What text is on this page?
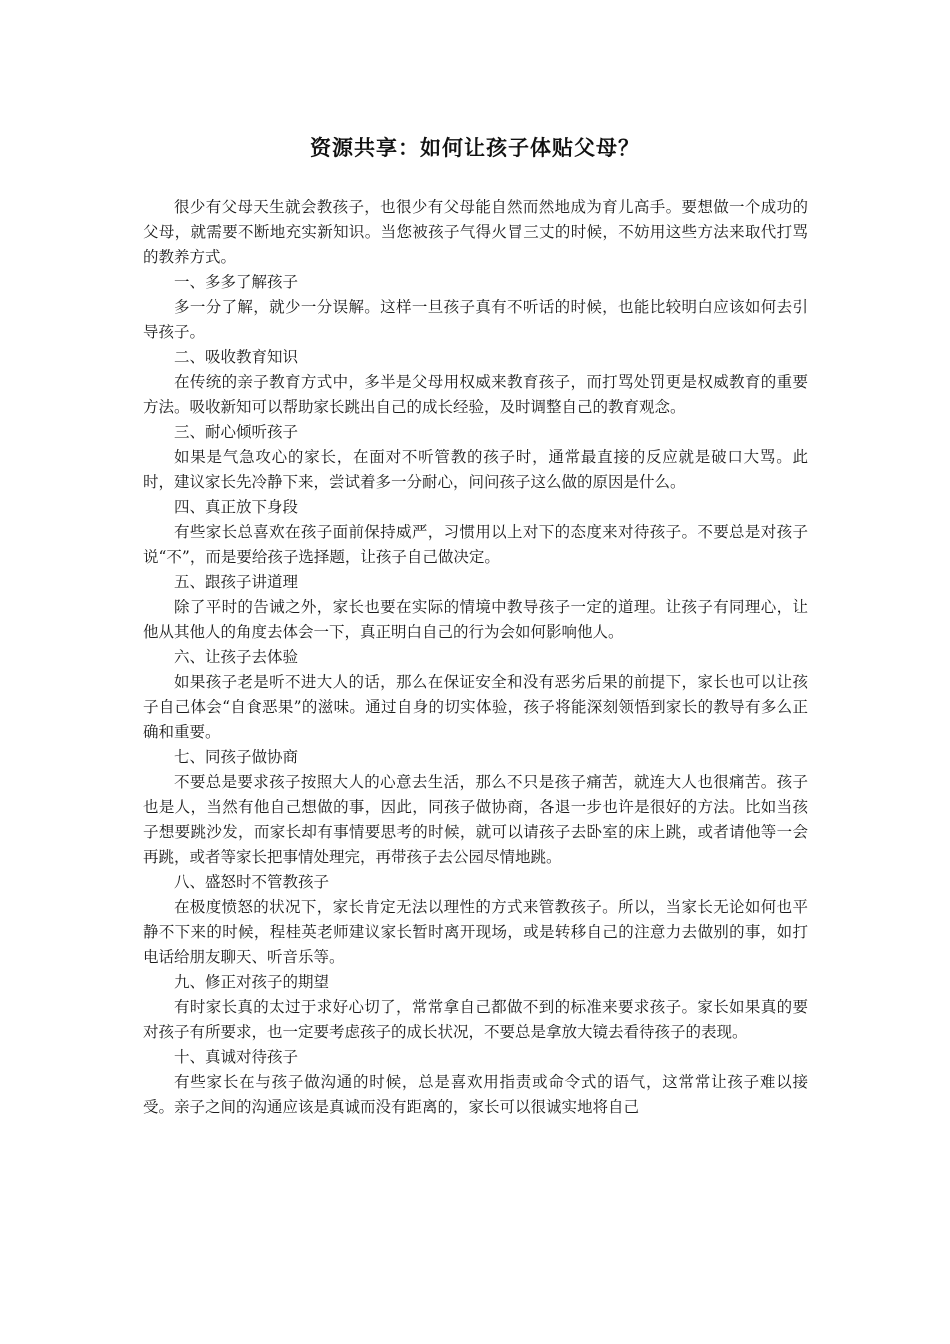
资源共享：如何让孩子体贴父母？

很少有父母天生就会教孩子，也很少有父母能自然而然地成为育儿高手。要想做一个成功的父母，就需要不断地充实新知识。当您被孩子气得火冒三丈的时候，不妨用这些方法来取代打骂的教养方式。

一、多多了解孩子

多一分了解，就少一分误解。这样一旦孩子真有不听话的时候，也能比较明白应该如何去引导孩子。

二、吸收教育知识

在传统的亲子教育方式中，多半是父母用权威来教育孩子，而打骂处罚更是权威教育的重要方法。吸收新知可以帮助家长跳出自己的成长经验，及时调整自己的教育观念。

三、耐心倾听孩子

如果是气急攻心的家长，在面对不听管教的孩子时，通常最直接的反应就是破口大骂。此时，建议家长先冷静下来，尝试着多一分耐心，问问孩子这么做的原因是什么。

四、真正放下身段

有些家长总喜欢在孩子面前保持威严，习惯用以上对下的态度来对待孩子。不要总是对孩子说“不”，而是要给孩子选择题，让孩子自己做决定。

五、跟孩子讲道理

除了平时的告诫之外，家长也要在实际的情境中教导孩子一定的道理。让孩子有同理心，让他从其他人的角度去体会一下，真正明白自己的行为会如何影响他人。

六、让孩子去体验

如果孩子老是听不进大人的话，那么在保证安全和没有恶劣后果的前提下，家长也可以让孩子自己体会“自食恶果”的滋味。通过自身的切实体验，孩子将能深刻领悟到家长的教导有多么正确和重要。

七、同孩子做协商

不要总是要求孩子按照大人的心意去生活，那么不只是孩子痛苦，就连大人也很痛苦。孩子也是人，当然有他自己想做的事，因此，同孩子做协商，各退一步也许是很好的方法。比如当孩子想要跳沙发，而家长却有事情要思考的时候，就可以请孩子去卧室的床上跳，或者请他等一会再跳，或者等家长把事情处理完，再带孩子去公园尽情地跳。

八、盛怒时不管教孩子

在极度愤怒的状况下，家长肯定无法以理性的方式来管教孩子。所以，当家长无论如何也平静不下来的时候，程桂英老师建议家长暂时离开现场，或是转移自己的注意力去做别的事，如打电话给朋友聊天、听音乐等。

九、修正对孩子的期望

有时家长真的太过于求好心切了，常常拿自己都做不到的标准来要求孩子。家长如果真的要对孩子有所要求，也一定要考虑孩子的成长状况，不要总是拿放大镜去看待孩子的表现。

十、真诚对待孩子

有些家长在与孩子做沟通的时候，总是喜欢用指责或命令式的语气，这常常让孩子难以接受。亲子之间的沟通应该是真诚而没有距离的，家长可以很诚实地将自己
